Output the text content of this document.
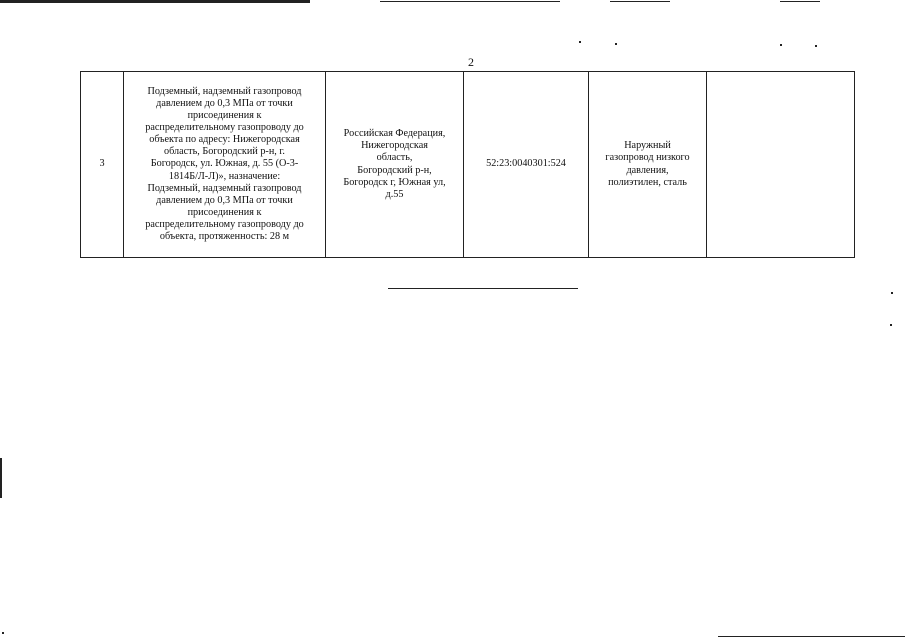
2
3	Подземный, надземный газопровод
давлением до 0,3 МПа от точки
присоединения к
распределительному газопроводу до
объекта по адресу: Нижегородская
область, Богородский р-н, г.
Богородск, ул. Южная, д. 55 (О-3-
1814Б/Л-Л)», назначение:
Подземный, надземный газопровод
давлением до 0,3 МПа от точки
присоединения к
распределительному газопроводу до
объекта, протяженность: 28 м	Российская Федерация,
Нижегородская
область,
Богородский р-н,
Богородск г, Южная ул,
д.55	52:23:0040301:524	Наружный
газопровод низкого
давления,
полиэтилен, сталь	
